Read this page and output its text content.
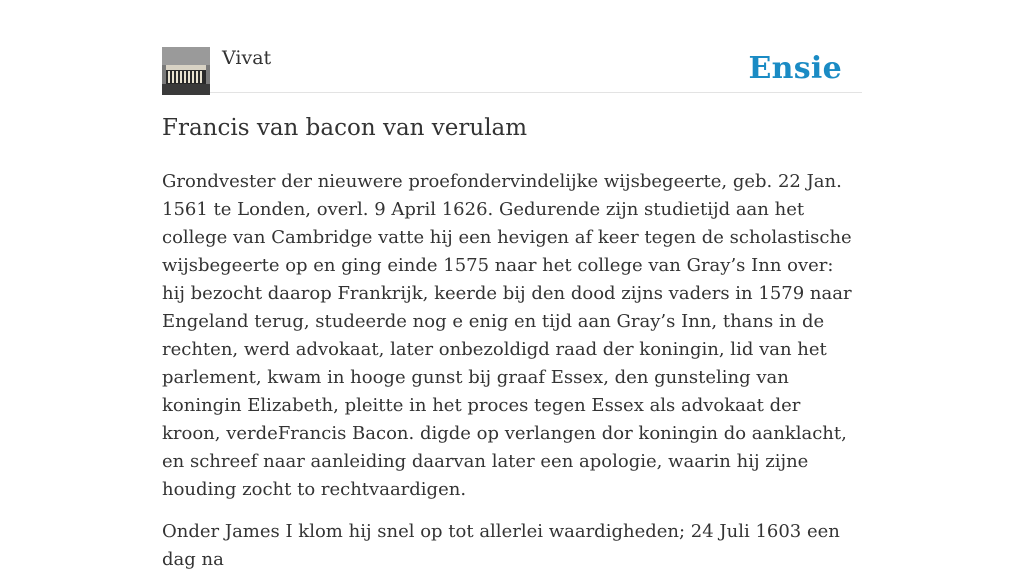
Vivat	Ensie
Francis van bacon van verulam

Grondvester der nieuwere proefondervindelijke wijsbegeerte, geb. 22 Jan. 1561 te Londen, overl. 9 April 1626. Gedurende zijn studietijd aan het college van Cambridge vatte hij een hevigen af keer tegen de scholastische wijsbegeerte op en ging einde 1575 naar het college van Gray’s Inn over: hij bezocht daarop Frankrijk, keerde bij den dood zijns vaders in 1579 naar Engeland terug, studeerde nog e enig en tijd aan Gray’s Inn, thans in de rechten, werd advokaat, later onbezoldigd raad der koningin, lid van het parlement, kwam in hooge gunst bij graaf Essex, den gunsteling van koningin Elizabeth, pleitte in het proces tegen Essex als advokaat der kroon, verdeFrancis Bacon. digde op verlangen dor koningin do aanklacht, en schreef naar aanleiding daarvan later een apologie, waarin hij zijne houding zocht to rechtvaardigen.

Onder James I klom hij snel op tot allerlei waardigheden; 24 Juli 1603 een dag na
